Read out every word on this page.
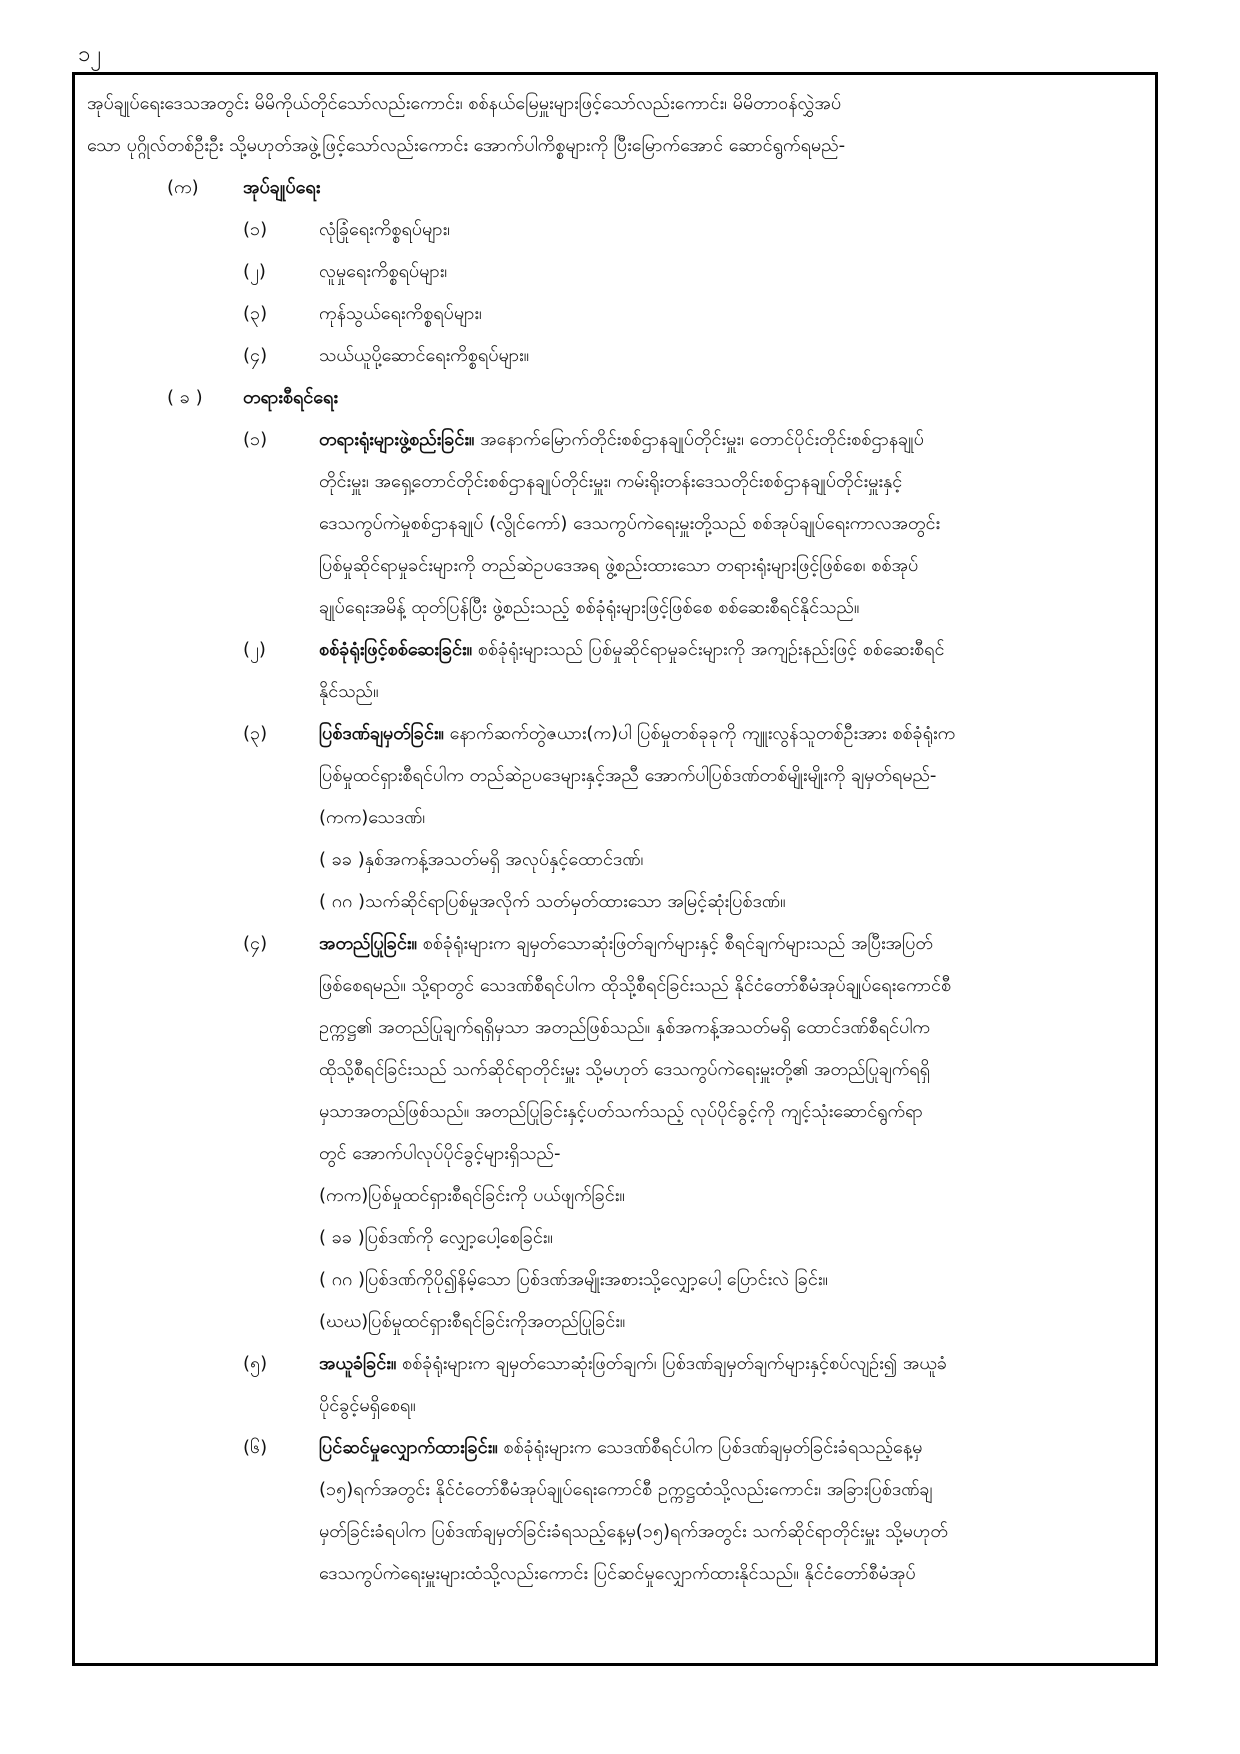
၁၂
အုပ်ချုပ်ရေးဒေသအတွင်း မိမိကိုယ်တိုင်သော်လည်းကောင်း၊ စစ်နယ်မြေမှူးများဖြင့်သော်လည်းကောင်း၊ မိမိတာဝန်လွှဲအပ်
သော ပုဂ္ဂိုလ်တစ်ဦးဦး သို့မဟုတ်အဖွဲ့ဖြင့်သော်လည်းကောင်း အောက်ပါကိစ္စများကို ပြီးမြောက်အောင် ဆောင်ရွက်ရမည်-
(က)	အုပ်ချုပ်ရေး
(၁)	လုံခြုံရေးကိစ္စရပ်များ၊
(၂)	လူမှုရေးကိစ္စရပ်များ၊
(၃)	ကုန်သွယ်ရေးကိစ္စရပ်များ၊
(၄)	သယ်ယူပို့ဆောင်ရေးကိစ္စရပ်များ။
( ခ )	တရားစီရင်ရေး
(၁)	တရားရုံးများဖွဲ့စည်းခြင်း။ အနောက်မြောက်တိုင်းစစ်ဌာနချုပ်တိုင်းမှူး၊ တောင်ပိုင်းတိုင်းစစ်ဌာနချုပ်
တိုင်းမှူး၊ အရှေ့တောင်တိုင်းစစ်ဌာနချုပ်တိုင်းမှူး၊ ကမ်းရိုးတန်းဒေသတိုင်းစစ်ဌာနချုပ်တိုင်းမှူးနှင့်
ဒေသကွပ်ကဲမှုစစ်ဌာနချုပ် (လွိုင်ကော်) ဒေသကွပ်ကဲရေးမှူးတို့သည် စစ်အုပ်ချုပ်ရေးကာလအတွင်း
ပြစ်မှုဆိုင်ရာမှုခင်းများကို တည်ဆဲဥပဒေအရ ဖွဲ့စည်းထားသော တရားရုံးများဖြင့်ဖြစ်စေ၊ စစ်အုပ်
ချုပ်ရေးအမိန့် ထုတ်ပြန်ပြီး ဖွဲ့စည်းသည့် စစ်ခုံရုံးများဖြင့်ဖြစ်စေ စစ်ဆေးစီရင်နိုင်သည်။
(၂)	စစ်ခုံရုံးဖြင့်စစ်ဆေးခြင်း။ စစ်ခုံရုံးများသည် ပြစ်မှုဆိုင်ရာမှုခင်းများကို အကျဉ်းနည်းဖြင့် စစ်ဆေးစီရင်
နိုင်သည်။
(၃)	ပြစ်ဒဏ်ချမှတ်ခြင်း။ နောက်ဆက်တွဲဇယား(က)ပါ ပြစ်မှုတစ်ခုခုကို ကျူးလွန်သူတစ်ဦးအား စစ်ခုံရုံးက
ပြစ်မှုထင်ရှားစီရင်ပါက တည်ဆဲဥပဒေများနှင့်အညီ အောက်ပါပြစ်ဒဏ်တစ်မျိုးမျိုးကို ချမှတ်ရမည်-
(ကက)သေဒဏ်၊
( ခခ )နှစ်အကန့်အသတ်မရှိ အလုပ်နှင့်ထောင်ဒဏ်၊
( ဂဂ )သက်ဆိုင်ရာပြစ်မှုအလိုက် သတ်မှတ်ထားသော အမြင့်ဆုံးပြစ်ဒဏ်။
(၄)	အတည်ပြုခြင်း။ စစ်ခုံရုံးများက ချမှတ်သောဆုံးဖြတ်ချက်များနှင့် စီရင်ချက်များသည် အပြီးအပြတ်
ဖြစ်စေရမည်။ သို့ရာတွင် သေဒဏ်စီရင်ပါက ထိုသို့စီရင်ခြင်းသည် နိုင်ငံတော်စီမံအုပ်ချုပ်ရေးကောင်စီ
ဥက္ကဋ္ဌ၏ အတည်ပြုချက်ရရှိမှသာ အတည်ဖြစ်သည်။ နှစ်အကန့်အသတ်မရှိ ထောင်ဒဏ်စီရင်ပါက
ထိုသို့စီရင်ခြင်းသည် သက်ဆိုင်ရာတိုင်းမှူး သို့မဟုတ် ဒေသကွပ်ကဲရေးမှူးတို့၏ အတည်ပြုချက်ရရှိ
မှသာအတည်ဖြစ်သည်။ အတည်ပြုခြင်းနှင့်ပတ်သက်သည့် လုပ်ပိုင်ခွင့်ကို ကျင့်သုံးဆောင်ရွက်ရာ
တွင် အောက်ပါလုပ်ပိုင်ခွင့်များရှိသည်-
(ကက)ပြစ်မှုထင်ရှားစီရင်ခြင်းကို ပယ်ဖျက်ခြင်း။
( ခခ )ပြစ်ဒဏ်ကို လျှော့ပေါ့စေခြင်း။
( ဂဂ )ပြစ်ဒဏ်ကိုပို၍နိမ့်သော ပြစ်ဒဏ်အမျိုးအစားသို့လျှော့ပေါ့ ပြောင်းလဲ ခြင်း။
(ဃဃ)ပြစ်မှုထင်ရှားစီရင်ခြင်းကိုအတည်ပြုခြင်း။
(၅)	အယူခံခြင်း။ စစ်ခုံရုံးများက ချမှတ်သောဆုံးဖြတ်ချက်၊ ပြစ်ဒဏ်ချမှတ်ချက်များနှင့်စပ်လျဉ်း၍ အယူခံ
ပိုင်ခွင့်မရှိစေရ။
(၆)	ပြင်ဆင်မှုလျှောက်ထားခြင်း။ စစ်ခုံရုံးများက သေဒဏ်စီရင်ပါက ပြစ်ဒဏ်ချမှတ်ခြင်းခံရသည့်နေ့မှ
(၁၅)ရက်အတွင်း နိုင်ငံတော်စီမံအုပ်ချုပ်ရေးကောင်စီ ဥက္ကဋ္ဌထံသို့လည်းကောင်း၊ အခြားပြစ်ဒဏ်ချ
မှတ်ခြင်းခံရပါက ပြစ်ဒဏ်ချမှတ်ခြင်းခံရသည့်နေ့မှ(၁၅)ရက်အတွင်း သက်ဆိုင်ရာတိုင်းမှူး သို့မဟုတ်
ဒေသကွပ်ကဲရေးမှူးများထံသို့လည်းကောင်း ပြင်ဆင်မှုလျှောက်ထားနိုင်သည်။ နိုင်ငံတော်စီမံအုပ်
